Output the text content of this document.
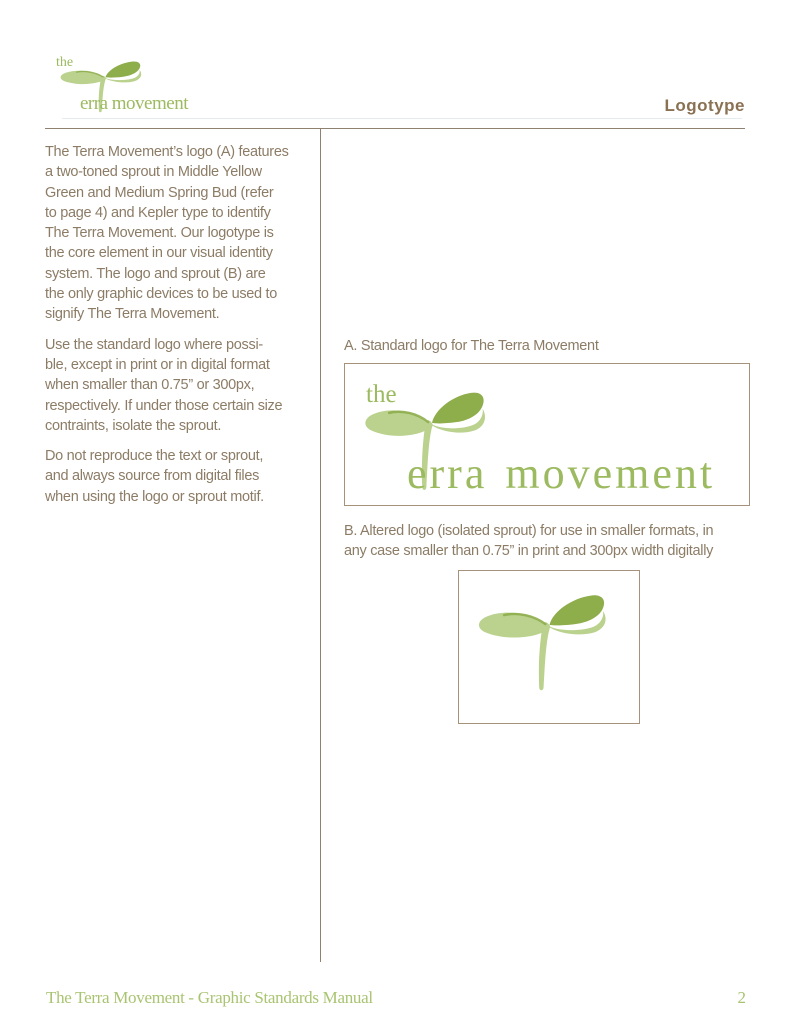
the
erra movement	Logotype
The Terra Movement’s logo (A) features
a two-toned sprout in Middle Yellow
Green and Medium Spring Bud (refer
to page 4) and Kepler type to identify
The Terra Movement. Our logotype is
the core element in our visual identity
system. The logo and sprout (B) are
the only graphic devices to be used to
signify The Terra Movement.
Use the standard logo where possi-
ble, except in print or in digital format
when smaller than 0.75” or 300px,
respectively. If under those certain size
contraints, isolate the sprout.
Do not reproduce the text or sprout,
and always source from digital files
when using the logo or sprout motif.
A. Standard logo for The Terra Movement
the
erra movement
B. Altered logo (isolated sprout) for use in smaller formats, in
any case smaller than 0.75” in print and 300px width digitally
The Terra Movement - Graphic Standards Manual	2
